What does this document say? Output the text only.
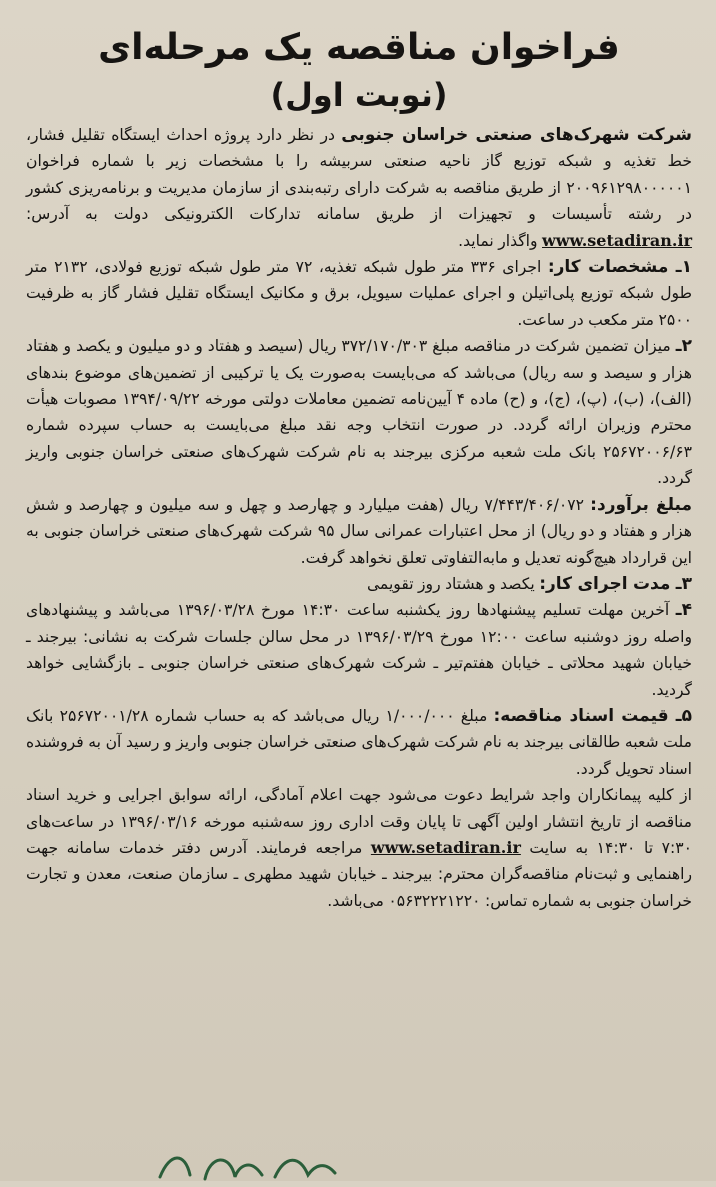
فراخوان مناقصه یک مرحله‌ای
(نوبت اول)

شرکت شهرک‌های صنعتی خراسان جنوبی در نظر دارد پروژه احداث ایستگاه تقلیل فشار، خط تغذیه و شبکه توزیع گاز ناحیه صنعتی سربیشه را با مشخصات زیر با شماره فراخوان ۲۰۰۹۶۱۲۹۸۰۰۰۰۰۱ از طریق مناقصه به شرکت دارای رتبه‌بندی از سازمان مدیریت و برنامه‌ریزی کشور در رشته تأسیسات و تجهیزات از طریق سامانه تدارکات الکترونیکی دولت به آدرس: www.setadiran.ir واگذار نماید.

۱ـ مشخصات کار: اجرای ۳۳۶ متر طول شبکه تغذیه، ۷۲ متر طول شبکه توزیع فولادی، ۲۱۳۲ متر طول شبکه توزیع پلی‌اتیلن و اجرای عملیات سیویل، برق و مکانیک ایستگاه تقلیل فشار گاز به ظرفیت ۲۵۰۰ متر مکعب در ساعت.

۲ـ میزان تضمین شرکت در مناقصه مبلغ ۳۷۲/۱۷۰/۳۰۳ ریال (سیصد و هفتاد و دو میلیون و یکصد و هفتاد هزار و سیصد و سه ریال) می‌باشد که می‌بایست به‌صورت یک یا ترکیبی از تضمین‌های موضوع بندهای (الف)، (ب)، (پ)، (ج)، و (ح) ماده ۴ آیین‌نامه تضمین معاملات دولتی مورخه ۱۳۹۴/۰۹/۲۲ مصوبات هیأت محترم وزیران ارائه گردد. در صورت انتخاب وجه نقد مبلغ می‌بایست به حساب سپرده شماره ۲۵۶۷۲۰۰۶/۶۳ بانک ملت شعبه مرکزی بیرجند به نام شرکت شهرک‌های صنعتی خراسان جنوبی واریز گردد.

مبلغ برآورد: ۷/۴۴۳/۴۰۶/۰۷۲ ریال (هفت میلیارد و چهارصد و چهل و سه میلیون و چهارصد و شش هزار و هفتاد و دو ریال) از محل اعتبارات عمرانی سال ۹۵ شرکت شهرک‌های صنعتی خراسان جنوبی به این قرارداد هیچ‌گونه تعدیل و مابه‌التفاوتی تعلق نخواهد گرفت.

۳ـ مدت اجرای کار: یکصد و هشتاد روز تقویمی

۴ـ آخرین مهلت تسلیم پیشنهادها روز یکشنبه ساعت ۱۴:۳۰ مورخ ۱۳۹۶/۰۳/۲۸ می‌باشد و پیشنهادهای واصله روز دوشنبه ساعت ۱۲:۰۰ مورخ ۱۳۹۶/۰۳/۲۹ در محل سالن جلسات شرکت به نشانی: بیرجند ـ خیابان شهید محلاتی ـ خیابان هفتم‌تیر ـ شرکت شهرک‌های صنعتی خراسان جنوبی ـ بازگشایی خواهد گردید.

۵ـ قیمت اسناد مناقصه: مبلغ ۱/۰۰۰/۰۰۰ ریال می‌باشد که به حساب شماره ۲۵۶۷۲۰۰۱/۲۸ بانک ملت شعبه طالقانی بیرجند به نام شرکت شهرک‌های صنعتی خراسان جنوبی واریز و رسید آن به فروشنده اسناد تحویل گردد.

از کلیه پیمانکاران واجد شرایط دعوت می‌شود جهت اعلام آمادگی، ارائه سوابق اجرایی و خرید اسناد مناقصه از تاریخ انتشار اولین آگهی تا پایان وقت اداری روز سه‌شنبه مورخه ۱۳۹۶/۰۳/۱۶ در ساعت‌های ۷:۳۰ تا ۱۴:۳۰ به سایت www.setadiran.ir مراجعه فرمایند. آدرس دفتر خدمات سامانه جهت راهنمایی و ثبت‌نام مناقصه‌گران محترم: بیرجند ـ خیابان شهید مطهری ـ سازمان صنعت، معدن و تجارت خراسان جنوبی به شماره تماس: ۰۵۶۳۲۲۲۱۲۲۰ می‌باشد.
